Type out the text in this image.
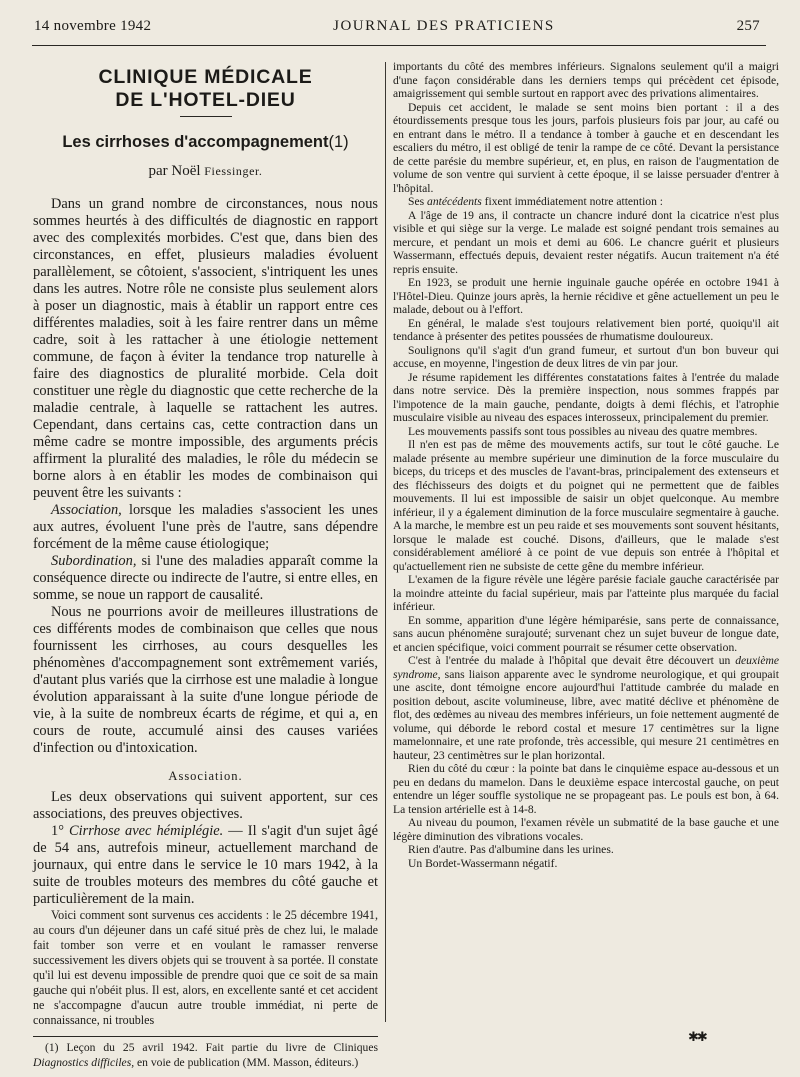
14 novembre 1942	JOURNAL DES PRATICIENS	257
CLINIQUE MÉDICALE
DE L'HOTEL-DIEU
Les cirrhoses d'accompagnement(1)
par Noël Fiessinger.

Dans un grand nombre de circonstances, nous nous sommes heurtés à des difficultés de diagnostic en rapport avec des complexités morbides. C'est que, dans bien des circonstances, en effet, plusieurs maladies évoluent parallèlement, se côtoient, s'associent, s'intriquent les unes dans les autres. Notre rôle ne consiste plus seulement alors à poser un diagnostic, mais à établir un rapport entre ces différentes maladies, soit à les faire rentrer dans un même cadre, soit à les rattacher à une étiologie nettement commune, de façon à éviter la tendance trop naturelle à faire des diagnostics de pluralité morbide. Cela doit constituer une règle du diagnostic que cette recherche de la maladie centrale, à laquelle se rattachent les autres. Cependant, dans certains cas, cette contraction dans un même cadre se montre impossible, des arguments précis affirment la pluralité des maladies, le rôle du médecin se borne alors à en établir les modes de combinaison qui peuvent être les suivants :

Association, lorsque les maladies s'associent les unes aux autres, évoluent l'une près de l'autre, sans dépendre forcément de la même cause étiologique;

Subordination, si l'une des maladies apparaît comme la conséquence directe ou indirecte de l'autre, si entre elles, en somme, se noue un rapport de causalité.

Nous ne pourrions avoir de meilleures illustrations de ces différents modes de combinaison que celles que nous fournissent les cirrhoses, au cours desquelles les phénomènes d'accompagnement sont extrêmement variés, d'autant plus variés que la cirrhose est une maladie à longue évolution apparaissant à la suite d'une longue période de vie, à la suite de nombreux écarts de régime, et qui a, en cours de route, accumulé ainsi des causes variées d'infection ou d'intoxication.

Association.

Les deux observations qui suivent apportent, sur ces associations, des preuves objectives.

1° Cirrhose avec hémiplégie. — Il s'agit d'un sujet âgé de 54 ans, autrefois mineur, actuellement marchand de journaux, qui entre dans le service le 10 mars 1942, à la suite de troubles moteurs des membres du côté gauche et particulièrement de la main.

Voici comment sont survenus ces accidents : le 25 décembre 1941, au cours d'un déjeuner dans un café situé près de chez lui, le malade fait tomber son verre et en voulant le ramasser renverse successivement les divers objets qui se trouvent à sa portée. Il constate qu'il lui est devenu impossible de prendre quoi que ce soit de sa main gauche qui n'obéit plus. Il est, alors, en excellente santé et cet accident ne s'accompagne d'aucun autre trouble immédiat, ni perte de connaissance, ni troubles

(1) Leçon du 25 avril 1942. Fait partie du livre de Cliniques Diagnostics difficiles, en voie de publication (MM. Masson, éditeurs.)

importants du côté des membres inférieurs. Signalons seulement qu'il a maigri d'une façon considérable dans les derniers temps qui précèdent cet épisode, amaigrissement qui semble surtout en rapport avec des privations alimentaires.

Depuis cet accident, le malade se sent moins bien portant : il a des étourdissements presque tous les jours, parfois plusieurs fois par jour, au café ou en entrant dans le métro. Il a tendance à tomber à gauche et en descendant les escaliers du métro, il est obligé de tenir la rampe de ce côté. Devant la persistance de cette parésie du membre supérieur, et, en plus, en raison de l'augmentation de volume de son ventre qui survient à cette époque, il se laisse persuader d'entrer à l'hôpital.

Ses antécédents fixent immédiatement notre attention :

A l'âge de 19 ans, il contracte un chancre induré dont la cicatrice n'est plus visible et qui siège sur la verge. Le malade est soigné pendant trois semaines au mercure, et pendant un mois et demi au 606. Le chancre guérit et plusieurs Wassermann, effectués depuis, devaient rester négatifs. Aucun traitement n'a été repris ensuite.

En 1923, se produit une hernie inguinale gauche opérée en octobre 1941 à l'Hôtel-Dieu. Quinze jours après, la hernie récidive et gêne actuellement un peu le malade, debout ou à l'effort.

En général, le malade s'est toujours relativement bien porté, quoiqu'il ait tendance à présenter des petites poussées de rhumatisme douloureux.

Soulignons qu'il s'agit d'un grand fumeur, et surtout d'un bon buveur qui accuse, en moyenne, l'ingestion de deux litres de vin par jour.

Je résume rapidement les différentes constatations faites à l'entrée du malade dans notre service. Dès la première inspection, nous sommes frappés par l'impotence de la main gauche, pendante, doigts à demi fléchis, et l'atrophie musculaire visible au niveau des espaces interosseux, principalement du premier.

Les mouvements passifs sont tous possibles au niveau des quatre membres.

Il n'en est pas de même des mouvements actifs, sur tout le côté gauche. Le malade présente au membre supérieur une diminution de la force musculaire du biceps, du triceps et des muscles de l'avant-bras, principalement des extenseurs et des fléchisseurs des doigts et du poignet qui ne permettent que de faibles mouvements. Il lui est impossible de saisir un objet quelconque. Au membre inférieur, il y a également diminution de la force musculaire segmentaire à gauche. A la marche, le membre est un peu raide et ses mouvements sont souvent hésitants, lorsque le malade est couché. Disons, d'ailleurs, que le malade s'est considérablement amélioré à ce point de vue depuis son entrée à l'hôpital et qu'actuellement rien ne subsiste de cette gêne du membre inférieur.

L'examen de la figure révèle une légère parésie faciale gauche caractérisée par la moindre atteinte du facial supérieur, mais par l'atteinte plus marquée du facial inférieur.

En somme, apparition d'une légère hémiparésie, sans perte de connaissance, sans aucun phénomène surajouté; survenant chez un sujet buveur de longue date, et ancien spécifique, voici comment pourrait se résumer cette observation.

C'est à l'entrée du malade à l'hôpital que devait être découvert un deuxième syndrome, sans liaison apparente avec le syndrome neurologique, et qui groupait une ascite, dont témoigne encore aujourd'hui l'attitude cambrée du malade en position debout, ascite volumineuse, libre, avec matité déclive et phénomène de flot, des œdèmes au niveau des membres inférieurs, un foie nettement augmenté de volume, qui déborde le rebord costal et mesure 17 centimètres sur la ligne mamelonnaire, et une rate profonde, très accessible, qui mesure 21 centimètres en hauteur, 23 centimètres sur le plan horizontal.

Rien du côté du cœur : la pointe bat dans le cinquième espace au-dessous et un peu en dedans du mamelon. Dans le deuxième espace intercostal gauche, on peut entendre un léger souffle systolique ne se propageant pas. Le pouls est bon, à 64. La tension artérielle est à 14-8.

Au niveau du poumon, l'examen révèle un submatité de la base gauche et une légère diminution des vibrations vocales.

Rien d'autre. Pas d'albumine dans les urines.

Un Bordet-Wassermann négatif.

✱✱
